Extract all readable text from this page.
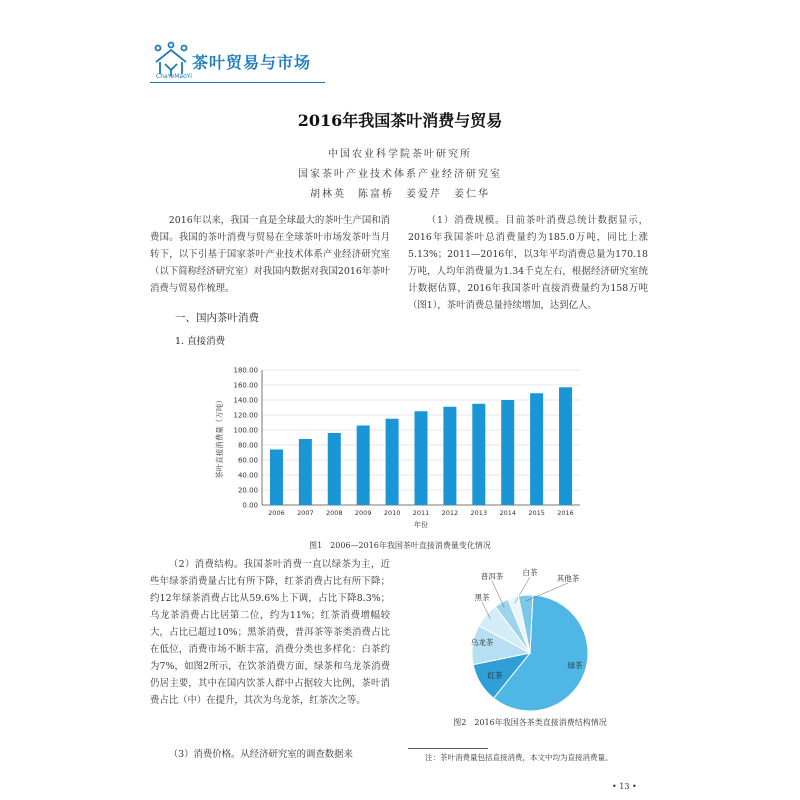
茶叶贸易与市场
ChaYeMaoYi
2016年我国茶叶消费与贸易
中国农业科学院茶叶研究所
国家茶叶产业技术体系产业经济研究室
胡林英　陈富桥　姜爱芹　姜仁华
2016年以来，我国一直是全球最大的茶叶生产国和消费国。我国的茶叶消费与贸易在全球茶叶市场发茶叶当月转下，以下引基于国家茶叶产业技术体系产业经济研究室（以下简称经济研究室）对我国内数据对我国2016年茶叶消费与贸易作梳理。
一、国内茶叶消费
1. 直接消费
（1）消费规模。目前茶叶消费总统计数据显示，2016年我国茶叶总消费量约为185.0万吨，同比上涨5.13%；2011—2016年，以3年平均消费总量为170.18万吨，人均年消费量为1.34千克左右，根据经济研究室统计数据估算，2016年我国茶叶直接消费量约为158万吨（图1），茶叶消费总量持续增加，达到亿人。
0.00
20.00
40.00
60.00
80.00
100.00
120.00
140.00
160.00
180.00
2006 2007 2008 2009 2010 2011 2012 2013 2014 2015 2016
年份
茶叶直接消费量（万吨）
图1　2006—2016年我国茶叶直接消费量变化情况
（2）消费结构。我国茶叶消费一直以绿茶为主，近些年绿茶消费量占比有所下降，红茶消费占比有所下降；约12年绿茶消费占比从59.6%上下调，占比下降8.3%；乌龙茶消费占比居第二位，约为11%；红茶消费增幅较大，占比已超过10%；黑茶消费，普洱茶等茶类消费占比在低位，消费市场不断丰富，消费分类也多样化：白茶约为7%，如图2所示，在饮茶消费方面，绿茶和乌龙茶消费仍居主要，其中在国内饮茶人群中占据较大比例，茶叶消费占比（中）在提升，其次为乌龙茶，红茶次之等。
（3）消费价格。从经济研究室的调查数据来
绿茶
红茶
乌龙茶
黑茶
普洱茶	白茶
其他茶
图2　2016年我国各茶类直接消费结构情况
注：茶叶消费量包括直接消费，本文中均为直接消费量。
• 13 •
